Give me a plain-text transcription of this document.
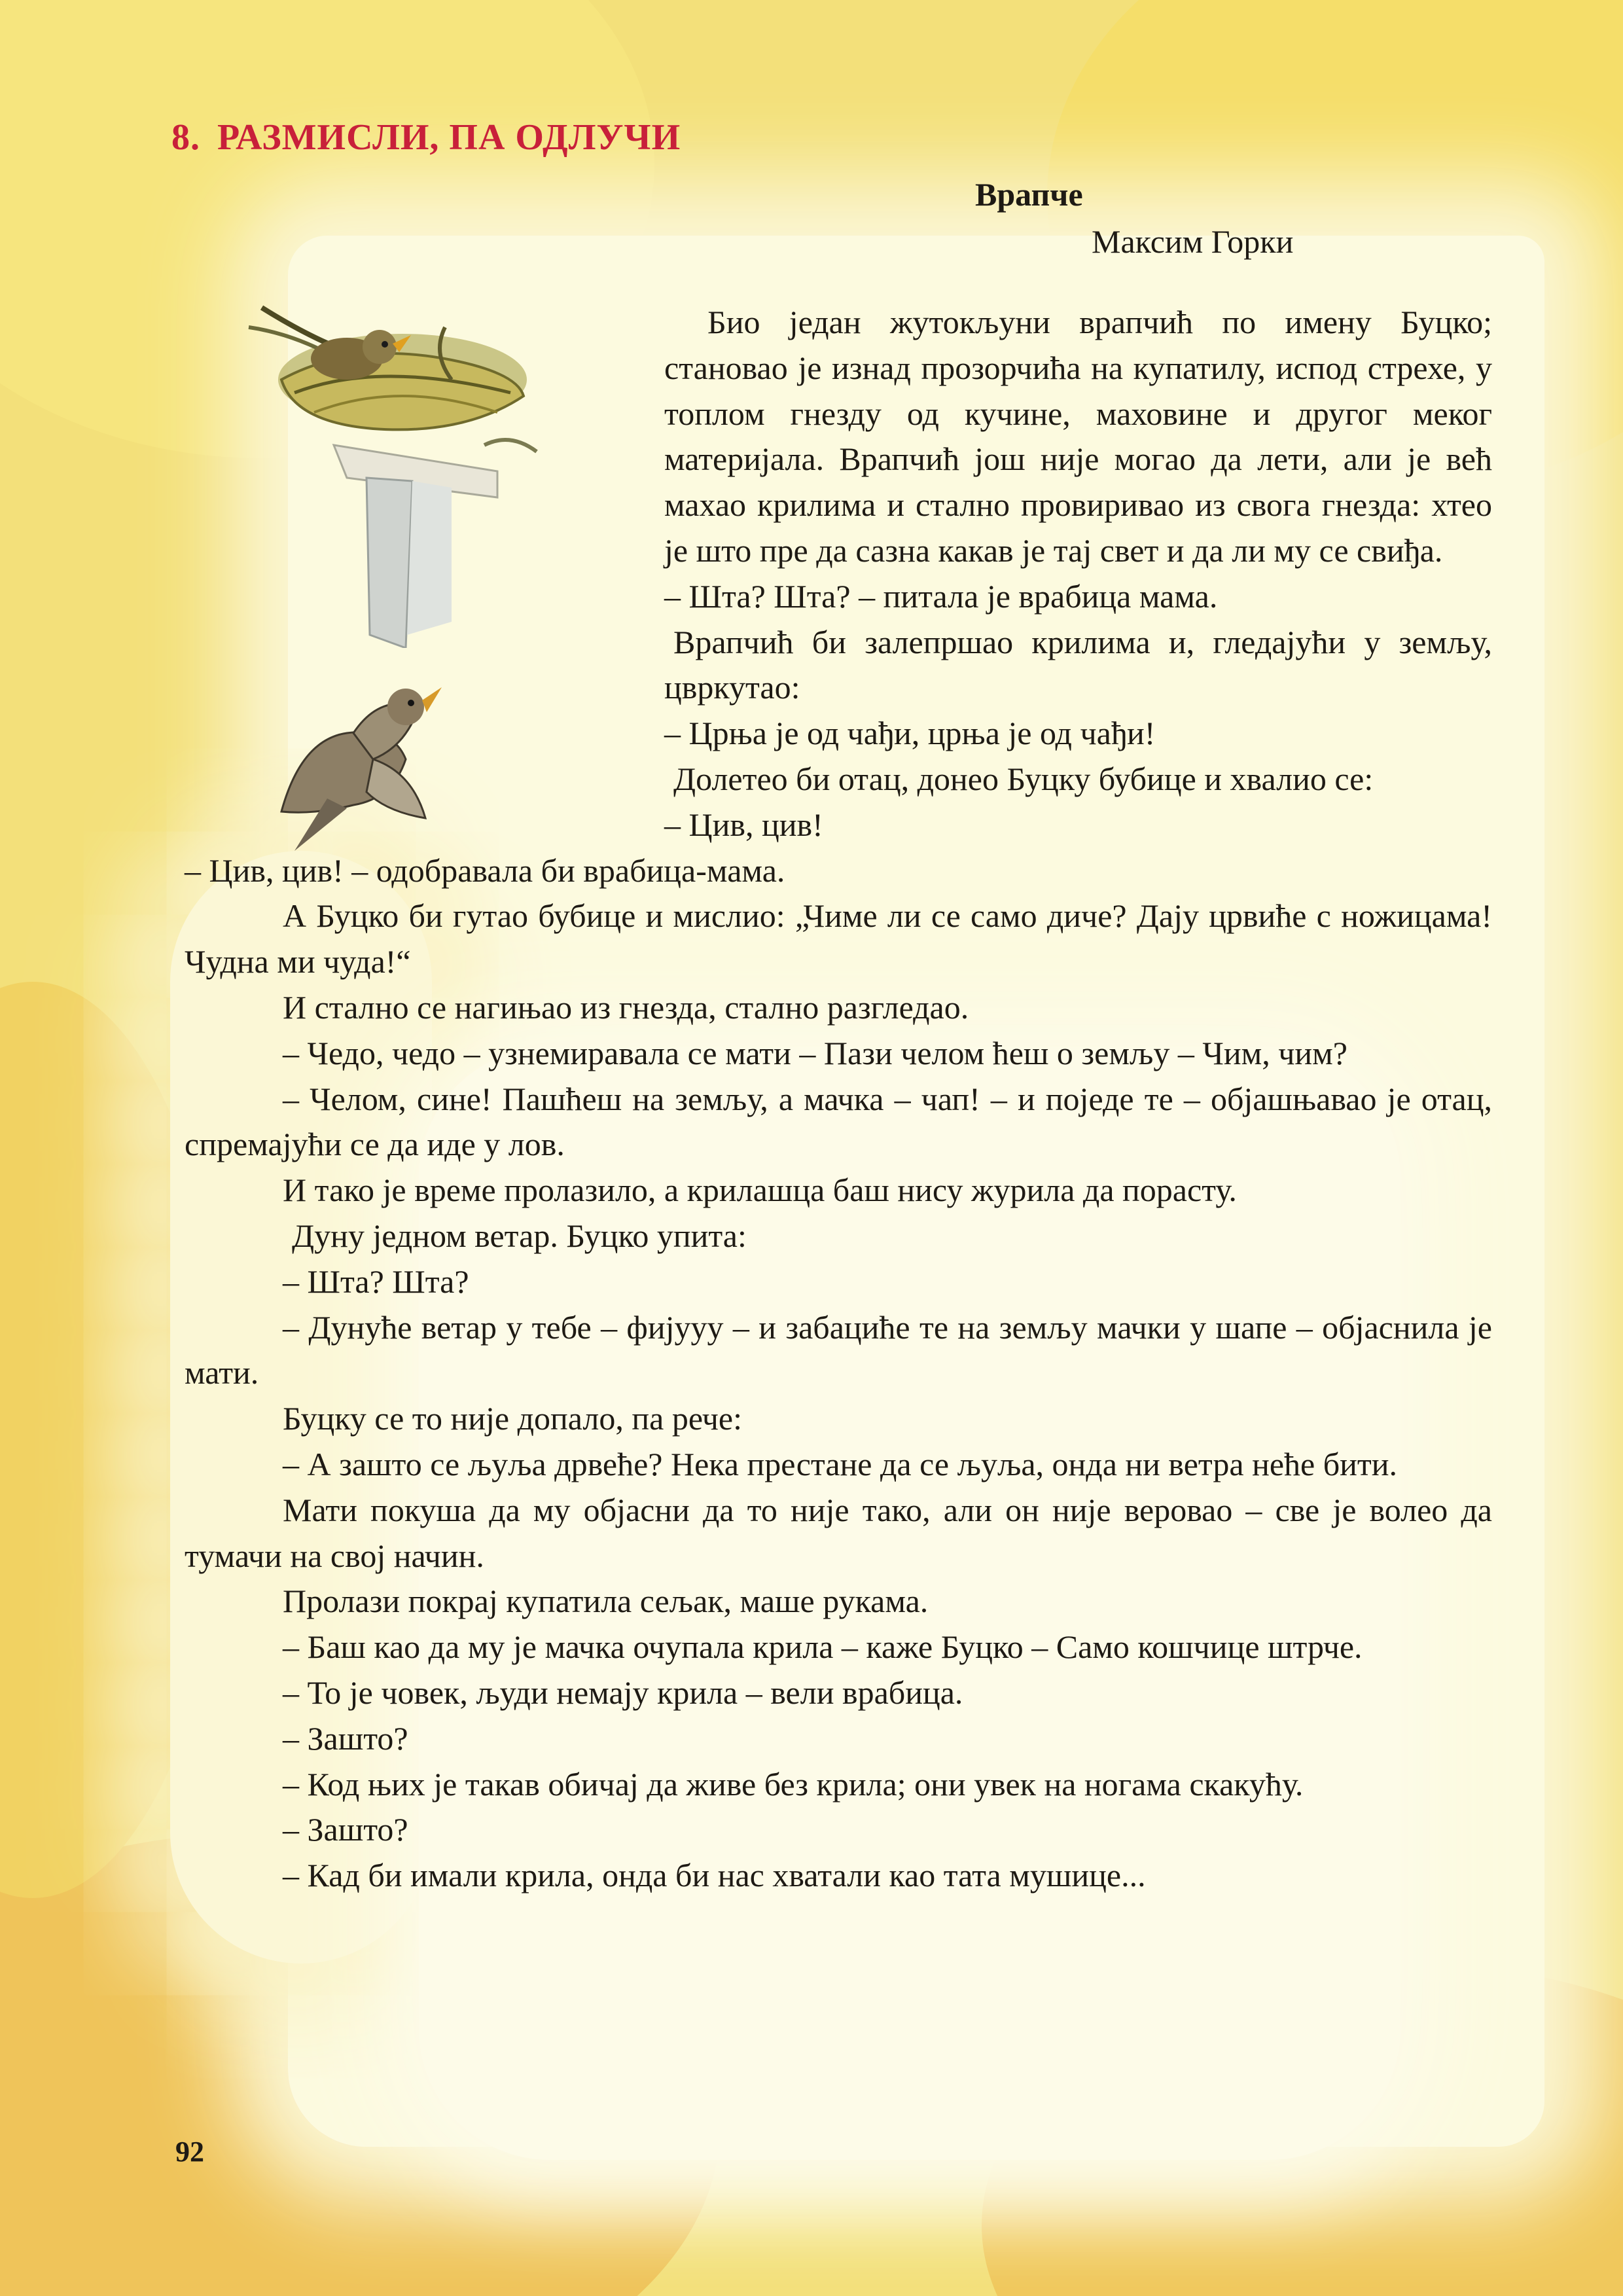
8. РАЗМИСЛИ, ПА ОДЛУЧИ
Врапче

Максим Горки

Био један жутокљуни врапчић по имену Буцко; становао је изнад прозорчића на купатилу, испод стрехе, у топлом гнезду од кучине, маховине и другог меког материјала. Врапчић још није могао да лети, али је већ махао крилима и стално провиривао из свога гнезда: хтео је што пре да сазна какав је тај свет и да ли му се свиђа.

– Шта? Шта? – питала је врабица мама.

Врапчић би залепршао крилима и, гледајући у земљу, цвркутао:

– Црња је од чађи, црња је од чађи!

Долетео би отац, донео Буцку бубице и хвалио се:

– Цив, цив!

– Цив, цив! – одобравала би врабица-мама.

А Буцко би гутао бубице и мислио: „Чиме ли се само диче? Дају црвиће с ножицама! Чудна ми чуда!“

И стално се нагињао из гнезда, стално разгледао.

– Чедо, чедо – узнемиравала се мати – Пази челом ћеш о земљу – Чим, чим?

– Челом, сине! Пашћеш на земљу, а мачка – чап! – и поједе те – објашњавао је отац, спремајући се да иде у лов.

И тако је време пролазило, а крилашца баш нису журила да порасту.

Дуну једном ветар. Буцко упита:

– Шта? Шта?

– Дунуће ветар у тебе – фијууу – и забациће те на земљу мачки у шапе – објаснила је мати.

Буцку се то није допало, па рече:

– А зашто се љуља дрвеће? Нека престане да се љуља, онда ни ветра неће бити.

Мати покуша да му објасни да то није тако, али он није веровао – све је волео да тумачи на свој начин.

Пролази покрај купатила сељак, маше рукама.

– Баш као да му је мачка очупала крила – каже Буцко – Само кошчице штрче.

– То је човек, људи немају крила – вели врабица.

– Зашто?

– Код њих је такав обичај да живе без крила; они увек на ногама скакућу.

– Зашто?

– Кад би имали крила, онда би нас хватали као тата мушице...

92
